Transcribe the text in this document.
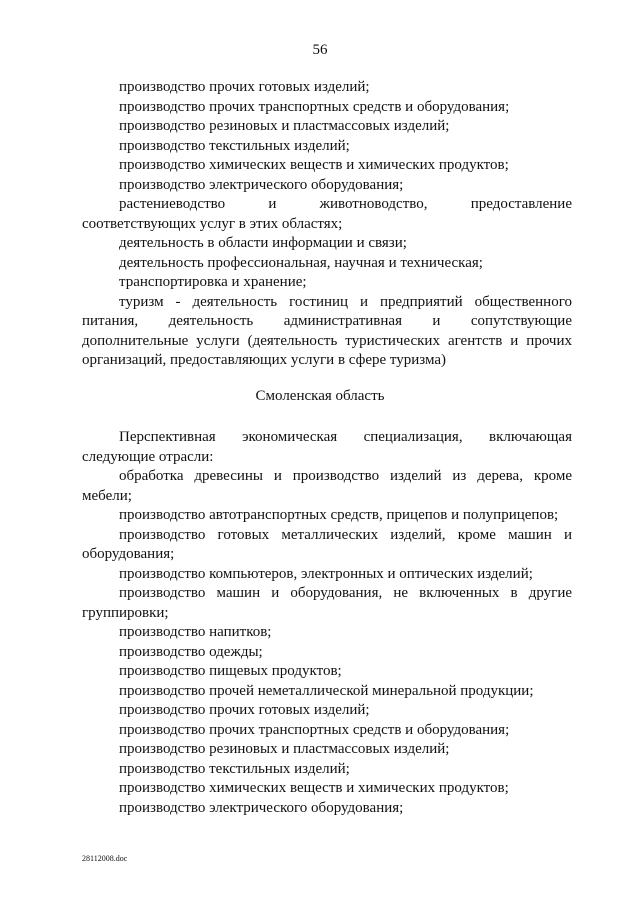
56
производство прочих готовых изделий;
производство прочих транспортных средств и оборудования;
производство резиновых и пластмассовых изделий;
производство текстильных изделий;
производство химических веществ и химических продуктов;
производство электрического оборудования;
растениеводство и животноводство, предоставление
соответствующих услуг в этих областях;
деятельность в области информации и связи;
деятельность профессиональная, научная и техническая;
транспортировка и хранение;
туризм - деятельность гостиниц и предприятий общественного
питания, деятельность административная и сопутствующие
дополнительные услуги (деятельность туристических агентств и прочих
организаций, предоставляющих услуги в сфере туризма)
Смоленская область
Перспективная экономическая специализация, включающая
следующие отрасли:
обработка древесины и производство изделий из дерева, кроме
мебели;
производство автотранспортных средств, прицепов и полуприцепов;
производство готовых металлических изделий, кроме машин и
оборудования;
производство компьютеров, электронных и оптических изделий;
производство машин и оборудования, не включенных в другие
группировки;
производство напитков;
производство одежды;
производство пищевых продуктов;
производство прочей неметаллической минеральной продукции;
производство прочих готовых изделий;
производство прочих транспортных средств и оборудования;
производство резиновых и пластмассовых изделий;
производство текстильных изделий;
производство химических веществ и химических продуктов;
производство электрического оборудования;
28112008.doc
